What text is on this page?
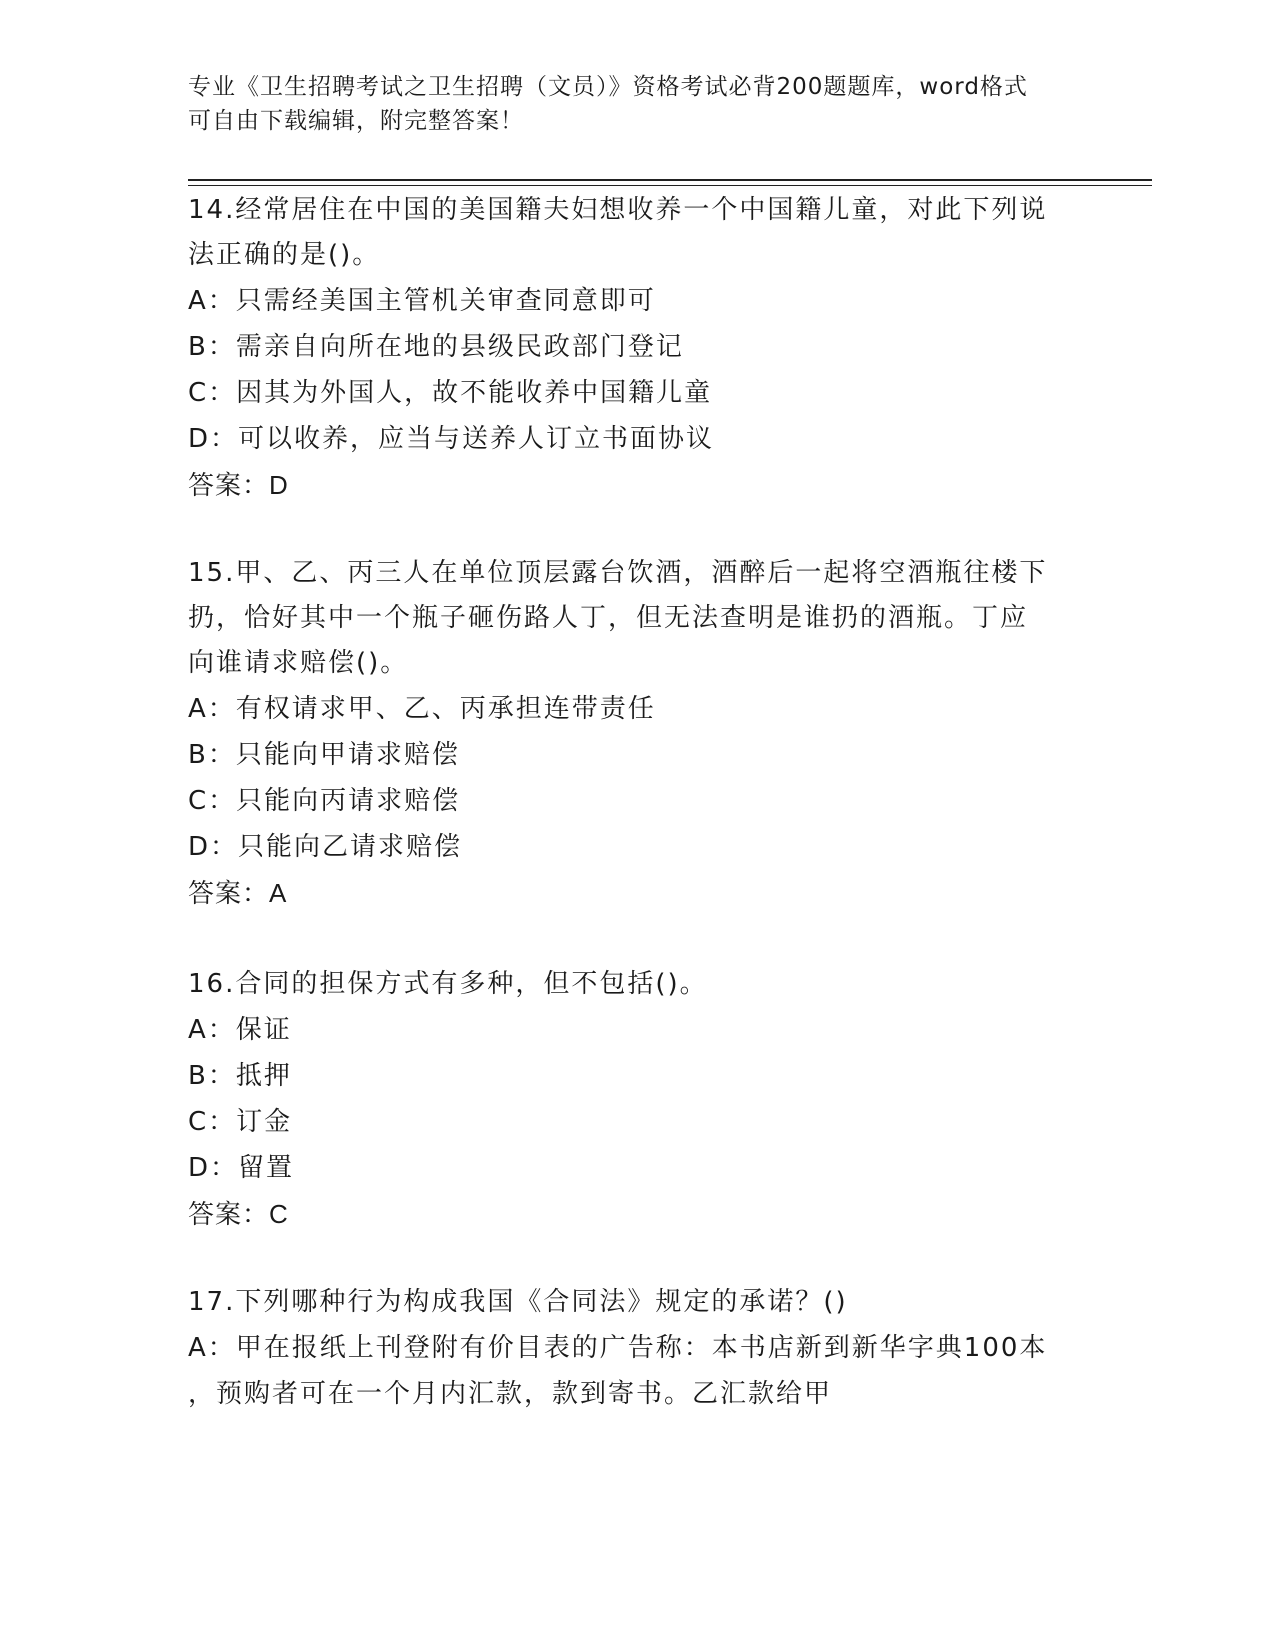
专业《卫生招聘考试之卫生招聘（文员）》资格考试必背200题题库，word格式
可自由下载编辑，附完整答案！

14.经常居住在中国的美国籍夫妇想收养一个中国籍儿童，对此下列说

法正确的是()。

A：只需经美国主管机关审查同意即可

B：需亲自向所在地的县级民政部门登记

C：因其为外国人，故不能收养中国籍儿童

D：可以收养，应当与送养人订立书面协议

答案：D

15.甲、乙、丙三人在单位顶层露台饮酒，酒醉后一起将空酒瓶往楼下

扔，恰好其中一个瓶子砸伤路人丁，但无法查明是谁扔的酒瓶。丁应

向谁请求赔偿()。

A：有权请求甲、乙、丙承担连带责任

B：只能向甲请求赔偿

C：只能向丙请求赔偿

D：只能向乙请求赔偿

答案：A

16.合同的担保方式有多种，但不包括()。

A：保证

B：抵押

C：订金

D：留置

答案：C

17.下列哪种行为构成我国《合同法》规定的承诺？()

A：甲在报纸上刊登附有价目表的广告称：本书店新到新华字典100本

，预购者可在一个月内汇款，款到寄书。乙汇款给甲
